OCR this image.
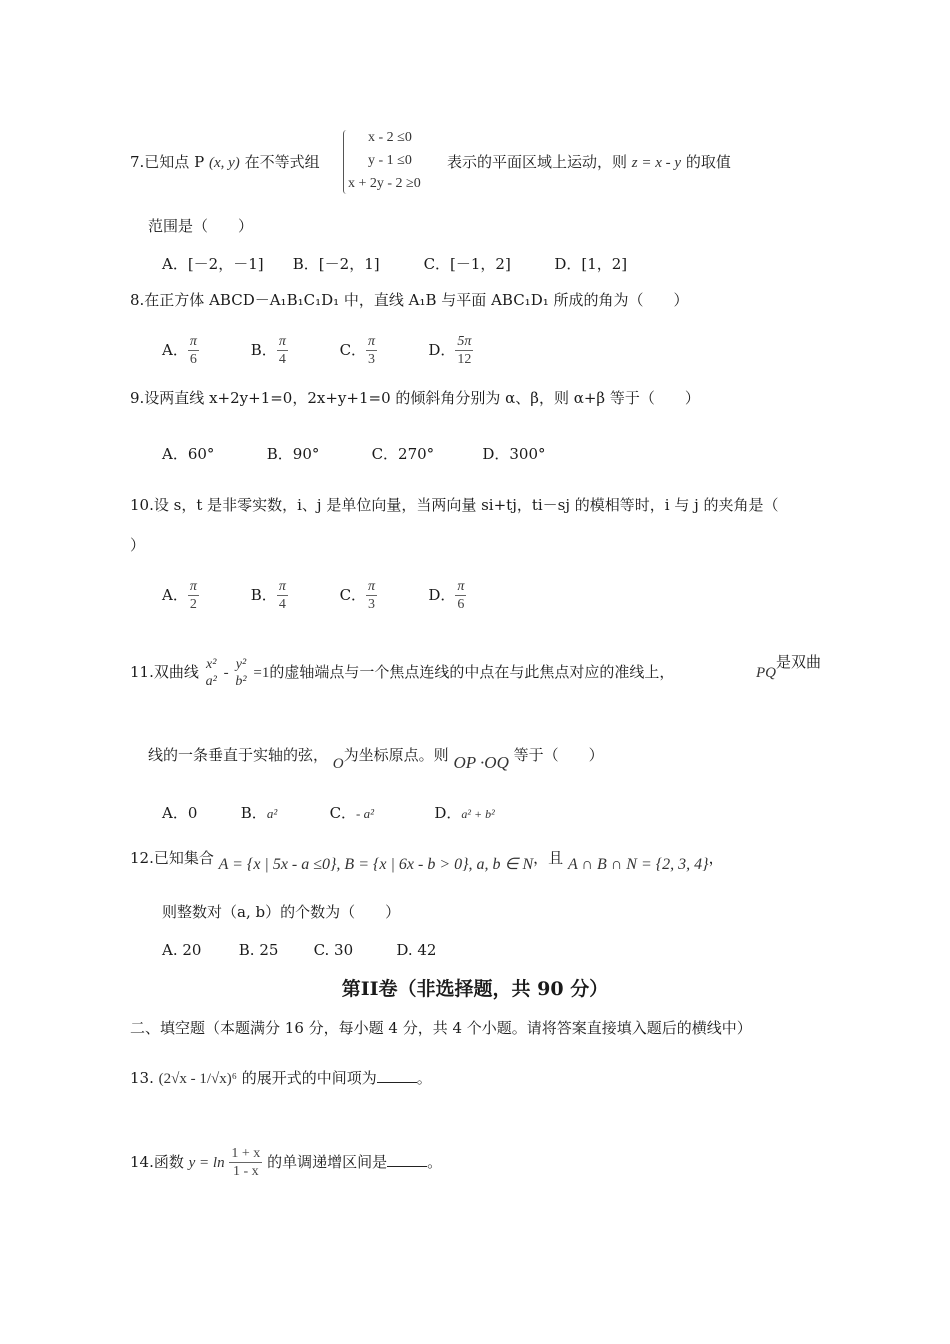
7.已知点 P (x, y) 在不等式组
x - 2 ≤0
y - 1 ≤0
x + 2y - 2 ≥0
表示的平面区域上运动，则 z = x - y 的取值
范围是（　　）
A．[－2，－1] B．[－2，1]	C．[－1，2]	D．[1，2]
8.在正方体 ABCD－A₁B₁C₁D₁ 中，直线 A₁B 与平面 ABC₁D₁ 所成的角为（　　）
A． $\frac{\pi}{6}$	B． $\frac{\pi}{4}$	C． $\frac{\pi}{3}$	D． $\frac{5\pi}{12}$
9.设两直线 x+2y+1=0，2x+y+1=0 的倾斜角分别为 α、β，则 α+β 等于（　　）
A．60°	B．90°	C．270°	D．300°
10.设 s，t 是非零实数，i、j 是单位向量，当两向量 si+tj，ti－sj 的模相等时，i 与 j 的夹角是（
）
A． $\frac{\pi}{2}$	B． $\frac{\pi}{4}$	C． $\frac{\pi}{3}$	D． $\frac{\pi}{6}$
11.双曲线 x²
a² -
y²
b² =1的虚轴端点与一个焦点连线的中点在与此焦点对应的准线上，	PQ是双曲
线的一条垂直于实轴的弦， O为坐标原点。则 OP ·OQ 等于（　　）
A．0	B．a²	C．- a²	D．a² + b²
12.已知集合 A = {x | 5x - a ≤0}, B = {x | 6x - b > 0}, a, b ∈ N，且 A ∩ B ∩ N = {2, 3, 4}，
则整数对（a, b）的个数为（　　）
A. 20 B. 25 C. 30	D. 42
第II卷（非选择题，共 90 分）
二、填空题（本题满分 16 分，每小题 4 分，共 4 个小题。请将答案直接填入题后的横线中）
13. (2√x - 1/√x)⁶ 的展开式的中间项为	。
14.函数 $y = \ln \frac{1 + x}{1 - x}$ 的单调递增区间是	。
